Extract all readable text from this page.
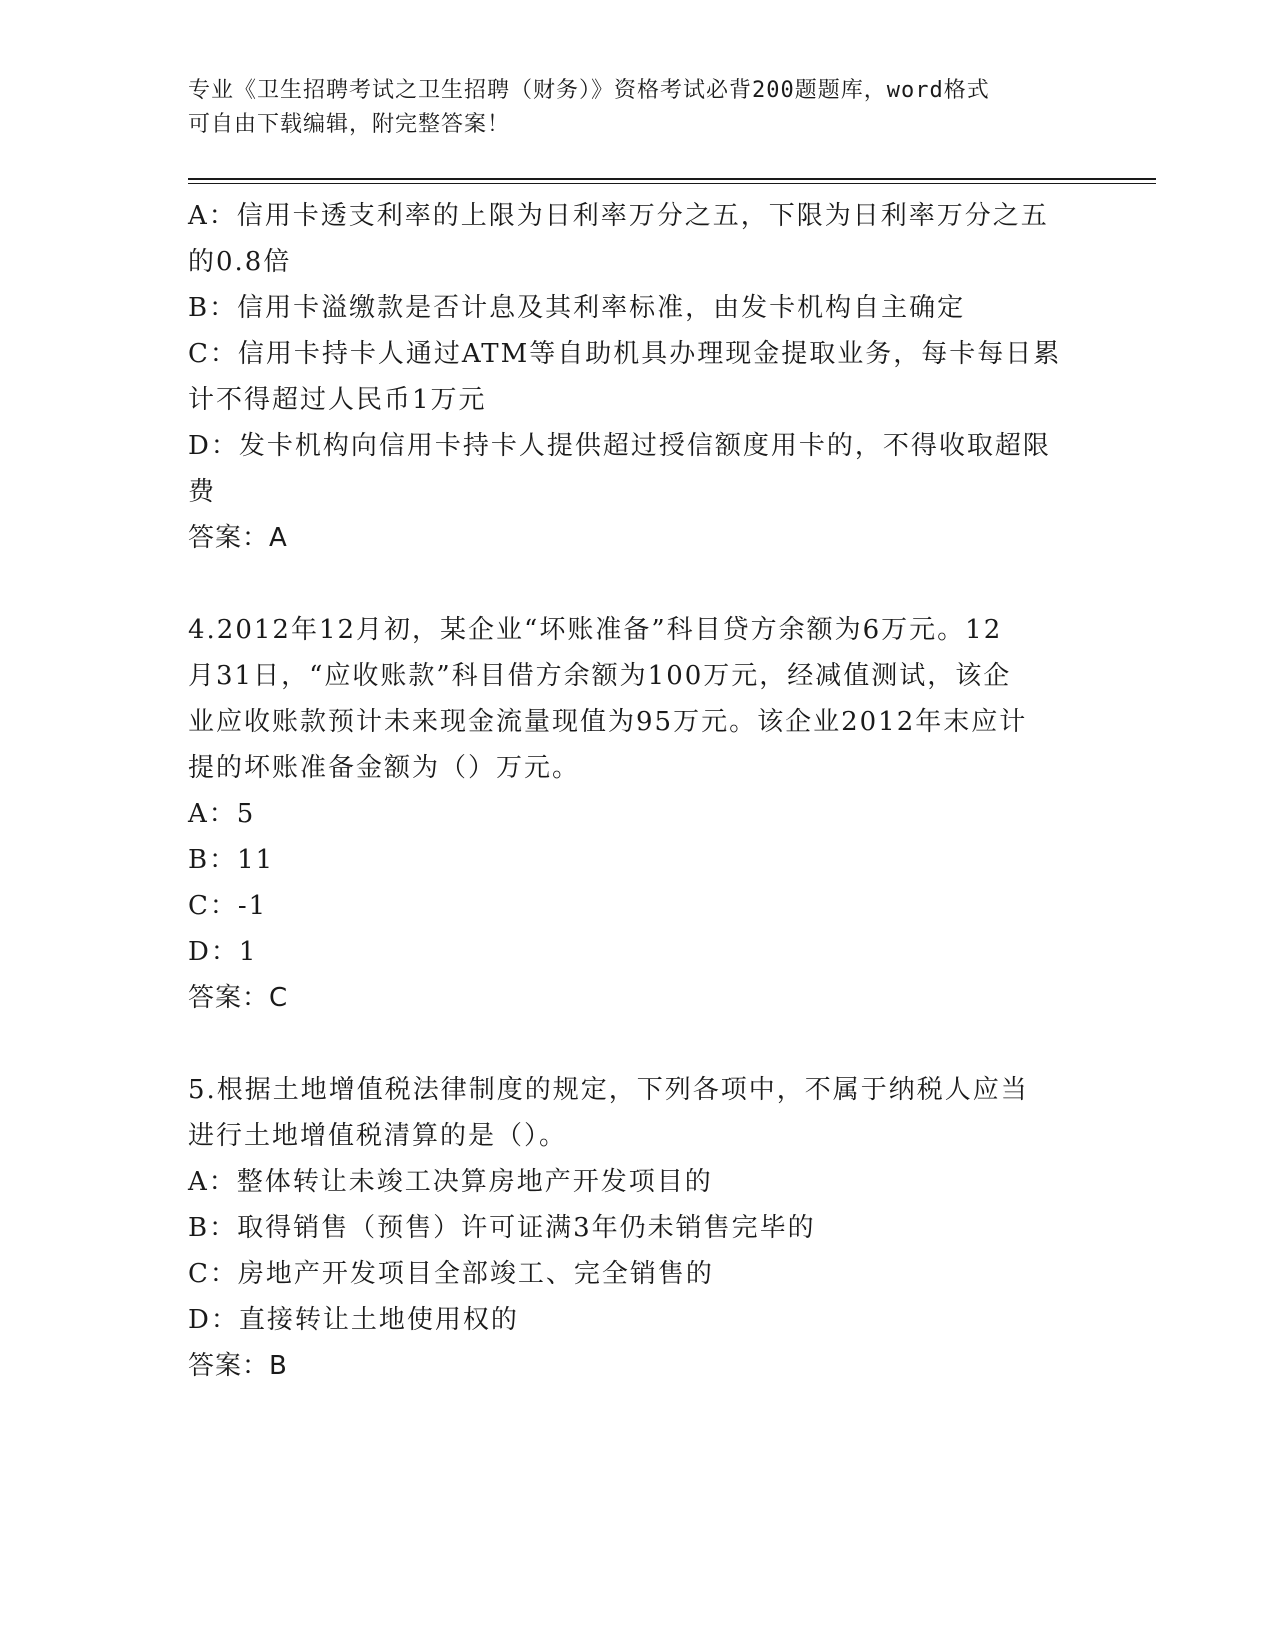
专业《卫生招聘考试之卫生招聘（财务）》资格考试必背200题题库，word格式
可自由下载编辑，附完整答案！
A：信用卡透支利率的上限为日利率万分之五，下限为日利率万分之五
的0.8倍
B：信用卡溢缴款是否计息及其利率标准，由发卡机构自主确定
C：信用卡持卡人通过ATM等自助机具办理现金提取业务，每卡每日累
计不得超过人民币1万元
D：发卡机构向信用卡持卡人提供超过授信额度用卡的，不得收取超限
费
答案：A
4.2012年12月初，某企业“坏账准备”科目贷方余额为6万元。12
月31日，“应收账款”科目借方余额为100万元，经减值测试，该企
业应收账款预计未来现金流量现值为95万元。该企业2012年末应计
提的坏账准备金额为（）万元。
A：5
B：11
C：-1
D：1
答案：C
5.根据土地增值税法律制度的规定，下列各项中，不属于纳税人应当
进行土地增值税清算的是（）。
A：整体转让未竣工决算房地产开发项目的
B：取得销售（预售）许可证满3年仍未销售完毕的
C：房地产开发项目全部竣工、完全销售的
D：直接转让土地使用权的
答案：B
